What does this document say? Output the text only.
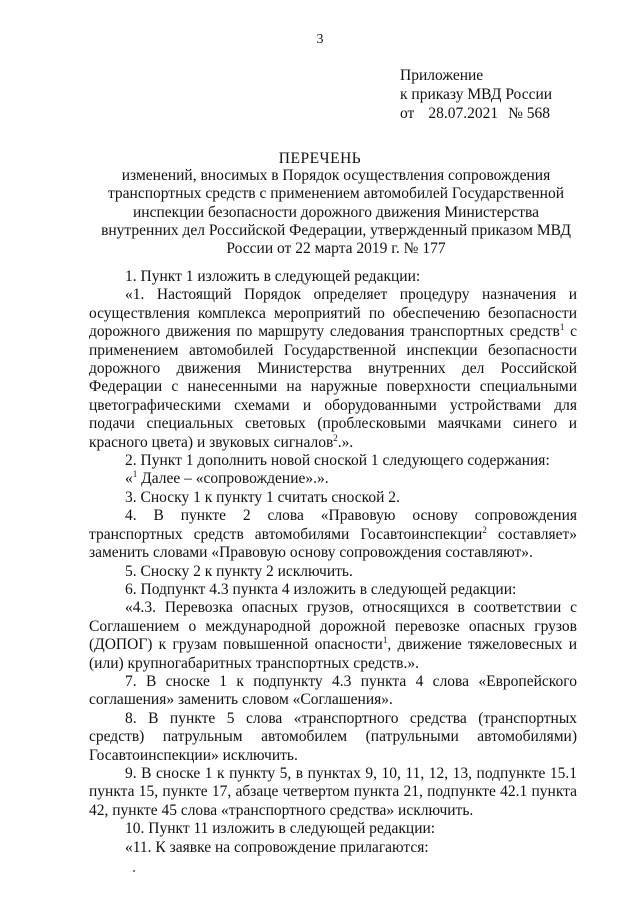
3
Приложение
к приказу МВД России
от 28.07.2021 № 568
ПЕРЕЧЕНЬ
изменений, вносимых в Порядок осуществления сопровождения транспортных средств с применением автомобилей Государственной инспекции безопасности дорожного движения Министерства внутренних дел Российской Федерации, утвержденный приказом МВД России от 22 марта 2019 г. № 177

1. Пункт 1 изложить в следующей редакции:

«1. Настоящий Порядок определяет процедуру назначения и осуществления комплекса мероприятий по обеспечению безопасности дорожного движения по маршруту следования транспортных средств$^1$ с применением автомобилей Государственной инспекции безопасности дорожного движения Министерства внутренних дел Российской Федерации с нанесенными на наружные поверхности специальными цветографическими схемами и оборудованными устройствами для подачи специальных световых (проблесковыми маячками синего и красного цвета) и звуковых сигналов$^2$.».

2. Пункт 1 дополнить новой сноской 1 следующего содержания:

«$^1$ Далее – «сопровождение».».

3. Сноску 1 к пункту 1 считать сноской 2.

4. В пункте 2 слова «Правовую основу сопровождения транспортных средств автомобилями Госавтоинспекции$^2$ составляет» заменить словами «Правовую основу сопровождения составляют».

5. Сноску 2 к пункту 2 исключить.

6. Подпункт 4.3 пункта 4 изложить в следующей редакции:

«4.3. Перевозка опасных грузов, относящихся в соответствии с Соглашением о международной дорожной перевозке опасных грузов (ДОПОГ) к грузам повышенной опасности$^1$, движение тяжеловесных и (или) крупногабаритных транспортных средств.».

7. В сноске 1 к подпункту 4.3 пункта 4 слова «Европейского соглашения» заменить словом «Соглашения».

8. В пункте 5 слова «транспортного средства (транспортных средств) патрульным автомобилем (патрульными автомобилями) Госавтоинспекции» исключить.

9. В сноске 1 к пункту 5, в пунктах 9, 10, 11, 12, 13, подпункте 15.1 пункта 15, пункте 17, абзаце четвертом пункта 21, подпункте 42.1 пункта 42, пункте 45 слова «транспортного средства» исключить.

10. Пункт 11 изложить в следующей редакции:

«11. К заявке на сопровождение прилагаются:
